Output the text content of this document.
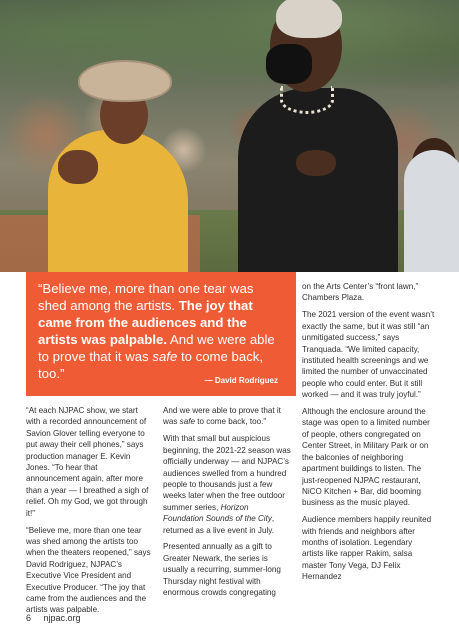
“Believe me, more than one tear was shed among the artists. The joy that came from the audiences and the artists was palpable. And we were able to prove that it was safe to come back, too.”	— David Rodriguez

“At each NJPAC show, we start with a recorded announcement of Savion Glover telling everyone to put away their cell phones,” says production manager E. Kevin Jones. “To hear that announcement again, after more than a year — I breathed a sigh of relief. Oh my God, we got through it!”

“Believe me, more than one tear was shed among the artists too when the theaters reopened,” says David Rodriguez, NJPAC’s Executive Vice President and Executive Producer. “The joy that came from the audiences and the artists was palpable.

And we were able to prove that it was safe to come back, too.”

With that small but auspicious beginning, the 2021-22 season was officially underway — and NJPAC’s audiences swelled from a hundred people to thousands just a few weeks later when the free outdoor summer series, Horizon Foundation Sounds of the City, returned as a live event in July.

Presented annually as a gift to Greater Newark, the series is usually a recurring, summer-long Thursday night festival with enormous crowds congregating

on the Arts Center’s “front lawn,” Chambers Plaza.

The 2021 version of the event wasn’t exactly the same, but it was still “an unmitigated success,” says Tranquada. “We limited capacity, instituted health screenings and we limited the number of unvaccinated people who could enter. But it still worked — and it was truly joyful.”

Although the enclosure around the stage was open to a limited number of people, others congregated on Center Street, in Military Park or on the balconies of neighboring apartment buildings to listen. The just-reopened NJPAC restaurant, NiCO Kitchen + Bar, did booming business as the music played.

Audience members happily reunited with friends and neighbors after months of isolation. Legendary artists like rapper Rakim, salsa master Tony Vega, DJ Felix Hernandez

6 njpac.org
